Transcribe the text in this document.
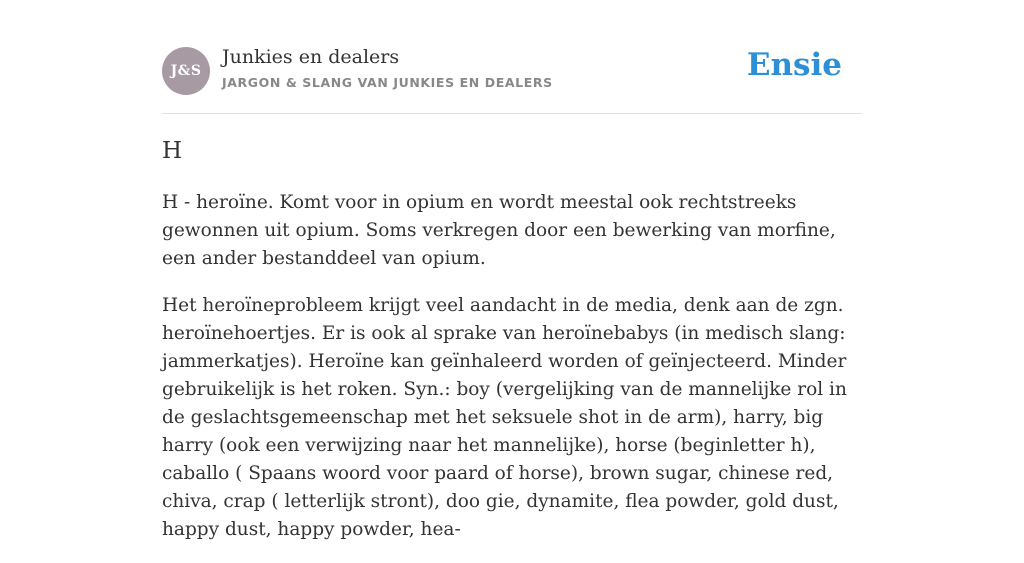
J&S
Junkies en dealers
JARGON & SLANG VAN JUNKIES EN DEALERS	Ensie
H

H - heroïne. Komt voor in opium en wordt meestal ook rechtstreeks gewonnen uit opium. Soms verkregen door een bewerking van morfine, een ander bestanddeel van opium.

Het heroïneprobleem krijgt veel aandacht in de media, denk aan de zgn. heroïnehoertjes. Er is ook al sprake van heroïnebabys (in medisch slang: jammerkatjes). Heroïne kan geïnhaleerd worden of geïnjecteerd. Minder gebruikelijk is het roken. Syn.: boy (vergelijking van de mannelijke rol in de geslachtsgemeenschap met het seksuele shot in de arm), harry, big harry (ook een verwijzing naar het mannelijke), horse (beginletter h), caballo ( Spaans woord voor paard of horse), brown sugar, chinese red, chiva, crap ( letterlijk stront), doo gie, dynamite, flea powder, gold dust, happy dust, happy powder, hea-
